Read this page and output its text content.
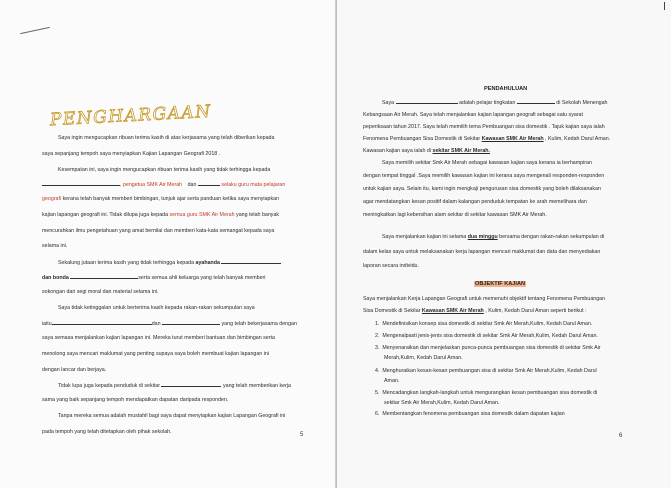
PENGHARGAAN
Saya ingin mengucapkan ribuan terima kasih di atas kerjasama yang telah diberikan kepada
saya sepanjang tempoh saya menyiapkan Kajian Lapangan Geografi 2018 .
Kesempatan ini, saya ingin mengucapkan ribuan terima kasih yang tidak terhingga kepada
, pengetua SMK Air Merah dan	selaku guru mata pelajaran
geografi kerana telah banyak memberi bimbingan, tunjuk ajar serta panduan ketika saya menyiapkan
kajian lapangan geografi ini. Tidak dilupa juga kepada semua guru SMK Air Merah yang telah banyak
mencurahkan ilmu pengetahuan yang amat bernilai dan memberi kata-kata semangat kepada saya
selama ini.
Sekalung jutaan terima kasih yang tidak terhingga kepada ayahanda
dan bonda	serta semua ahli keluarga yang telah banyak memberi
sokongan dari segi moral dan material selama ini.
Saya tidak ketinggalan untuk berterima kasih kepada rakan-rakan sekumpulan saya
iaitu	dan	yang telah bekerjasama dengan
saya semasa menjalankan kajian lapangan ini. Mereka turut memberi bantuan dan bimbingan serta
menolong saya mencari maklumat yang penting supaya saya boleh membuat kajian lapangan ini
dengan lancar dan berjaya.
Tidak lupa juga kepada penduduk di sekitar	yang telah memberikan kerja
sama yang baik sepanjang tempoh mendapatkan dapatan daripada responden.
Tanpa mereka semua adalah mustahil bagi saya dapat menyiapkan kajian Lapangan Geografi ini
pada tempoh yang telah ditetapkan oleh pihak sekolah.	5
PENDAHULUAN
Saya	adalah pelajar tingkatan	di Sekolah Menengah
Kebangsaan Air Merah. Saya telah menjalankan kajian lapangan geografi sebagai satu syarat
peperiksaan tahun 2017. Saya telah memilih tema Pembuangan sisa domestik . Tajuk kajian saya ialah
Fenomena Pembuangan Sisa Domestik di Sekitar Kawasan SMK Air Merah , Kulim, Kedah Darul Aman.
Kawasan kajian saya ialah di sekitar SMK Air Merah.
Saya memilih sekitar Smk Air Merah sebagai kawasan kajian saya kerana ia berhampiran
dengan tempat tinggal .Saya memilih kawasan kajian ini kerana saya mengenali responden-responden
untuk kajian saya. Selain itu, kami ingin mengkaji pengurusan sisa domestik yang boleh dilaksanakan
agar mendatangkan kesan positif dalam kalangan penduduk tempatan ke arah memelihara dan
meningkatkan lagi kebersihan alam sekitar di sekitar kawasan SMK Air Merah.
Saya menjalankan kajian ini selama dua minggu bersama dengan rakan-rakan sekumpulan di
dalam kelas saya untuk melaksanakan kerja lapangan mencari maklumat dan data dan menyediakan
laporan secara individu.
OBJEKTIF KAJIAN
Saya menjalankan Kerja Lapangan Geografi untuk memenuhi objektif tentang Fenomena Pembuangan
Sisa Domestik di Sekitar Kawasan SMK Air Merah , Kulim, Kedah Darul Aman seperti berikut :
1. Mendefinisikan konsep sisa domestik di sekitar Smk Air Merah,Kulim, Kedah Darul Aman.
2. Mengenalpasti jenis-jenis sisa domestik di sekitar Smk Air Merah,Kulim, Kedah Darul Aman.
3. Menyenaraikan dan menjelaskan punca-punca pembuangan sisa domestik di sekitar Smk Air
Merah,Kulim, Kedah Darul Aman.
4. Menghuraikan kesan-kesan pembuangan sisa di sekitar Smk Air Merah,Kulim, Kedah Darul
Aman.
5. Mencadangkan langkah-langkah untuk mengurangkan kesan pembuangan sisa domestik di
sekitar Smk Air Merah,Kulim, Kedah Darul Aman.
6. Membentangkan fenomena pembuangan sisa domestik dalam dapatan kajian
6
